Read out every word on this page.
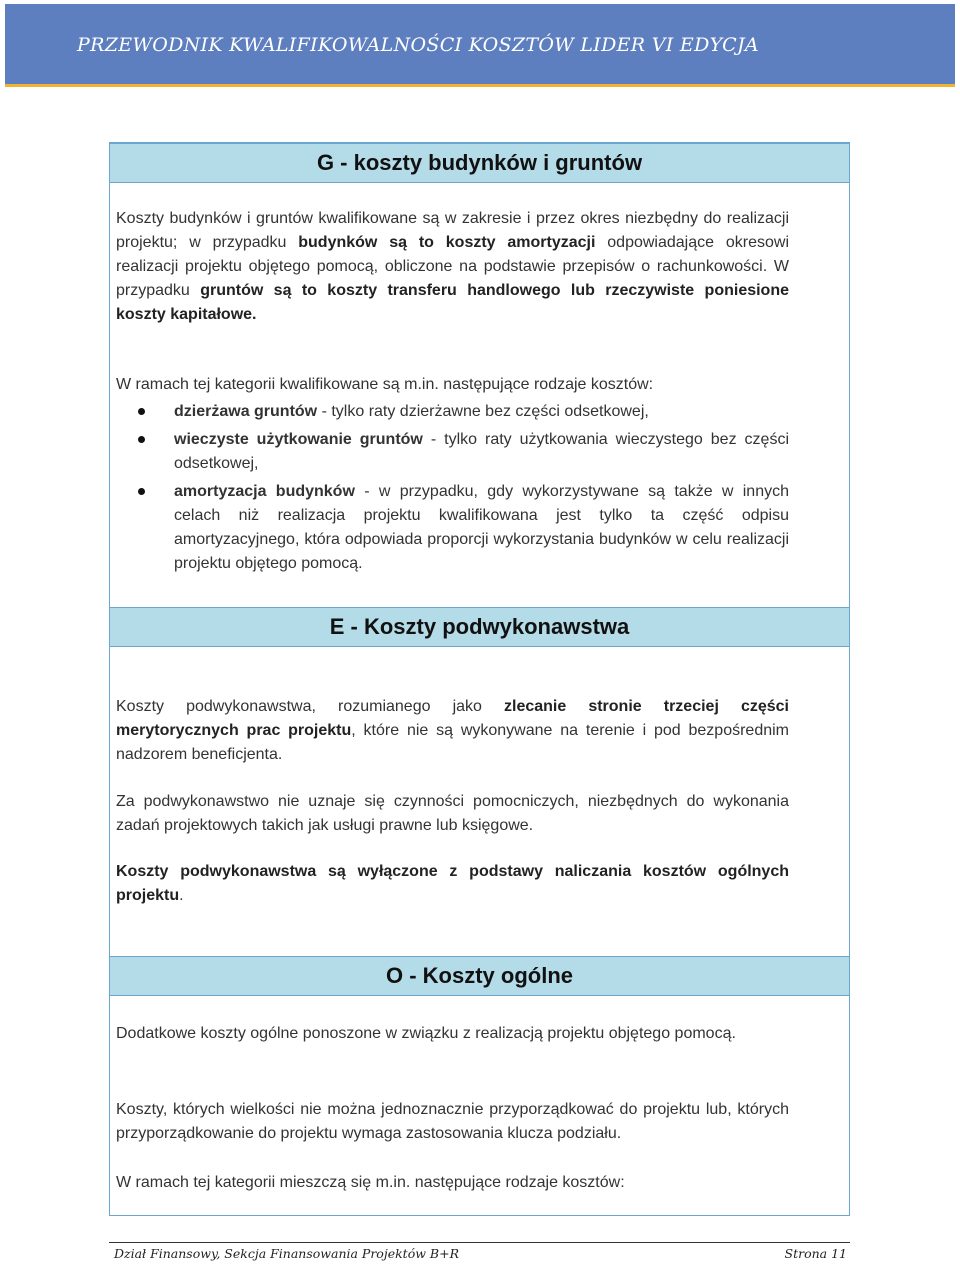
PRZEWODNIK KWALIFIKOWALNOŚCI KOSZTÓW LIDER VI EDYCJA
G - koszty budynków i gruntów
Koszty budynków i gruntów kwalifikowane są w zakresie i przez okres niezbędny do realizacji projektu; w przypadku budynków są to koszty amortyzacji odpowiadające okresowi realizacji projektu objętego pomocą, obliczone na podstawie przepisów o rachunkowości. W przypadku gruntów są to koszty transferu handlowego lub rzeczywiste poniesione koszty kapitałowe.
W ramach tej kategorii kwalifikowane są m.in. następujące rodzaje kosztów:
dzierżawa gruntów - tylko raty dzierżawne bez części odsetkowej,
wieczyste użytkowanie gruntów - tylko raty użytkowania wieczystego bez części odsetkowej,
amortyzacja budynków - w przypadku, gdy wykorzystywane są także w innych celach niż realizacja projektu kwalifikowana jest tylko ta część odpisu amortyzacyjnego, która odpowiada proporcji wykorzystania budynków w celu realizacji projektu objętego pomocą.
E - Koszty podwykonawstwa
Koszty podwykonawstwa, rozumianego jako zlecanie stronie trzeciej części merytorycznych prac projektu, które nie są wykonywane na terenie i pod bezpośrednim nadzorem beneficjenta.
Za podwykonawstwo nie uznaje się czynności pomocniczych, niezbędnych do wykonania zadań projektowych takich jak usługi prawne lub księgowe.
Koszty podwykonawstwa są wyłączone z podstawy naliczania kosztów ogólnych projektu.
O - Koszty ogólne
Dodatkowe koszty ogólne ponoszone w związku z realizacją projektu objętego pomocą.
Koszty, których wielkości nie można jednoznacznie przyporządkować do projektu lub, których przyporządkowanie do projektu wymaga zastosowania klucza podziału.
W ramach tej kategorii mieszczą się m.in. następujące rodzaje kosztów:
Dział Finansowy, Sekcja Finansowania Projektów B+R	Strona 11
